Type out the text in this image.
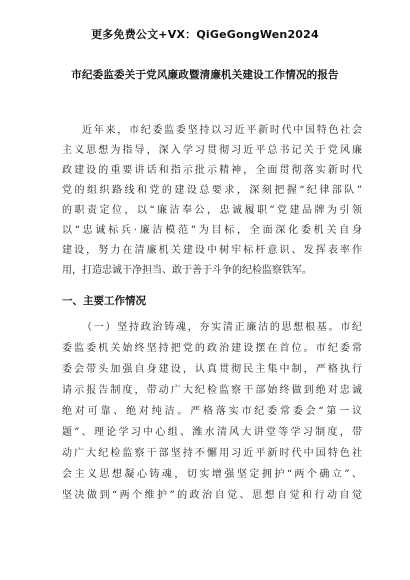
更多免费公文+VX：QiGeGongWen2024
市纪委监委关于党风廉政暨清廉机关建设工作情况的报告
近年来，市纪委监委坚持以习近平新时代中国特色社会
主义思想为指导，深入学习贯彻习近平总书记关于党风廉
政建设的重要讲话和指示批示精神，全面贯彻落实新时代
党的组织路线和党的建设总要求，深刻把握“纪律部队”
的职责定位，以“廉洁奉公，忠诚履职”党建品牌为引领
以“忠诚标兵·廉洁模范”为目标，全面深化委机关自身
建设，努力在清廉机关建设中树牢标杆意识、发挥表率作
用，打造忠诚干净担当、敢于善于斗争的纪检监察铁军。
一、主要工作情况
（一）坚持政治铸魂，夯实清正廉洁的思想根基。市纪
委监委机关始终坚持把党的政治建设摆在首位。市纪委常
委会带头加强自身建设，认真贯彻民主集中制，严格执行
请示报告制度，带动广大纪检监察干部始终做到绝对忠诚
绝对可靠、绝对纯洁。严格落实市纪委常委会“第一议
题”、理论学习中心组、潍水清风大讲堂等学习制度，带
动广大纪检监察干部坚持不懈用习近平新时代中国特色社
会主义思想凝心铸魂，切实增强坚定拥护“两个确立”、
坚决做到“两个维护”的政治自觉、思想自觉和行动自觉
